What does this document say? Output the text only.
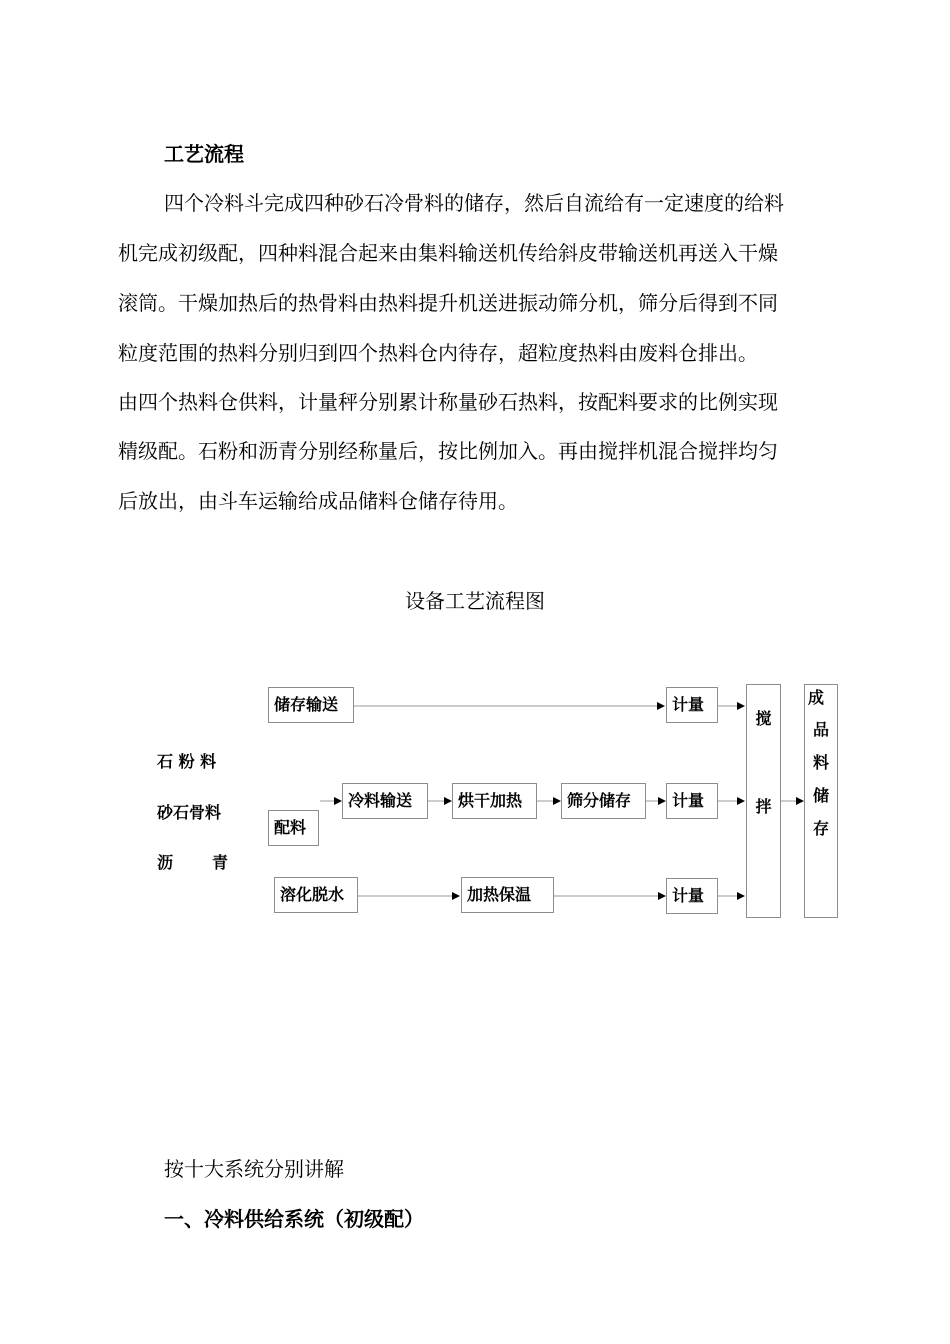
工艺流程
四个冷料斗完成四种砂石冷骨料的储存，然后自流给有一定速度的给料
机完成初级配，四种料混合起来由集料输送机传给斜皮带输送机再送入干燥
滚筒。干燥加热后的热骨料由热料提升机送进振动筛分机，筛分后得到不同
粒度范围的热料分别归到四个热料仓内待存，超粒度热料由废料仓排出。
由四个热料仓供料，计量秤分别累计称量砂石热料，按配料要求的比例实现
精级配。石粉和沥青分别经称量后，按比例加入。再由搅拌机混合搅拌均匀
后放出，由斗车运输给成品储料仓储存待用。
设备工艺流程图
石 粉 料
砂石骨料
沥       青
储存输送	计量
配料
冷料输送	烘干加热	筛分储存	计量
溶化脱水	加热保温	计量
搅
拌
成
品
料
储
存
按十大系统分别讲解
一、冷料供给系统（初级配）
